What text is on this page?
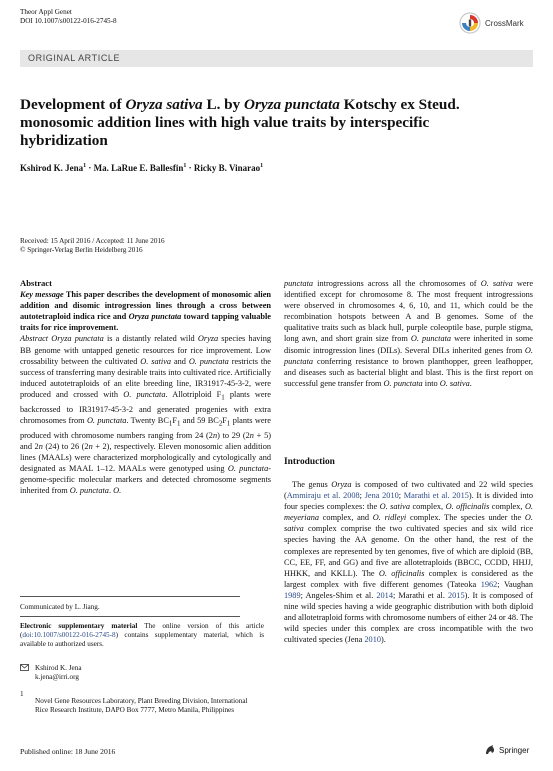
Theor Appl Genet
DOI 10.1007/s00122-016-2745-8	CrossMark
ORIGINAL ARTICLE
Development of Oryza sativa L. by Oryza punctata Kotschy ex Steud. monosomic addition lines with high value traits by interspecific hybridization
Kshirod K. Jena$^1$ · Ma. LaRue E. Ballesfin$^1$ · Ricky B. Vinarao$^1$
Received: 15 April 2016 / Accepted: 11 June 2016
© Springer-Verlag Berlin Heidelberg 2016
Abstract

Key message This paper describes the development of monosomic alien addition and disomic introgression lines through a cross between autotetraploid indica rice and Oryza punctata toward tapping valuable traits for rice improvement.

Abstract Oryza punctata is a distantly related wild Oryza species having BB genome with untapped genetic resources for rice improvement. Low crossability between the cultivated O. sativa and O. punctata restricts the success of transferring many desirable traits into cultivated rice. Artificially induced autotetraploids of an elite breeding line, IR31917-45-3-2, were produced and crossed with O. punctata. Allotriploid $F_1$ plants were backcrossed to IR31917-45-3-2 and generated progenies with extra chromosomes from O. punctata. Twenty $BC_1F_1$ and 59 $BC_2F_1$ plants were produced with chromosome numbers ranging from 24 (2n) to 29 (2n + 5) and 2n (24) to 26 (2n + 2), respectively. Eleven monosomic alien addition lines (MAALs) were characterized morphologically and cytologically and designated as MAAL 1–12. MAALs were genotyped using O. punctata-genome-specific molecular markers and detected chromosome segments inherited from O. punctata. O.

Communicated by L. Jiang.
Electronic supplementary material The online version of this article (doi:10.1007/s00122-016-2745-8) contains supplementary material, which is available to authorized users.
Kshirod K. Jena
k.jena@irri.org
1
Novel Gene Resources Laboratory, Plant Breeding Division, International Rice Research Institute, DAPO Box 7777, Metro Manila, Philippines

punctata introgressions across all the chromosomes of O. sativa were identified except for chromosome 8. The most frequent introgressions were observed in chromosomes 4, 6, 10, and 11, which could be the recombination hotspots between A and B genomes. Some of the qualitative traits such as black hull, purple coleoptile base, purple stigma, long awn, and short grain size from O. punctata were inherited in some disomic introgression lines (DILs). Several DILs inherited genes from O. punctata conferring resistance to brown planthopper, green leafhopper, and diseases such as bacterial blight and blast. This is the first report on successful gene transfer from O. punctata into O. sativa.

Introduction
The genus Oryza is composed of two cultivated and 22 wild species (Ammiraju et al. 2008; Jena 2010; Marathi et al. 2015). It is divided into four species complexes: the O. sativa complex, O. officinalis complex, O. meyeriana complex, and O. ridleyi complex. The species under the O. sativa complex comprise the two cultivated species and six wild rice species having the AA genome. On the other hand, the rest of the complexes are represented by ten genomes, five of which are diploid (BB, CC, EE, FF, and GG) and five are allotetraploids (BBCC, CCDD, HHJJ, HHKK, and KKLL). The O. officinalis complex is considered as the largest complex with five different genomes (Tateoka 1962; Vaughan 1989; Angeles-Shim et al. 2014; Marathi et al. 2015). It is composed of nine wild species having a wide geographic distribution with both diploid and allotetraploid forms with chromosome numbers of either 24 or 48. The wild species under this complex are cross incompatible with the two cultivated species (Jena 2010).
Published online: 18 June 2016	Springer
